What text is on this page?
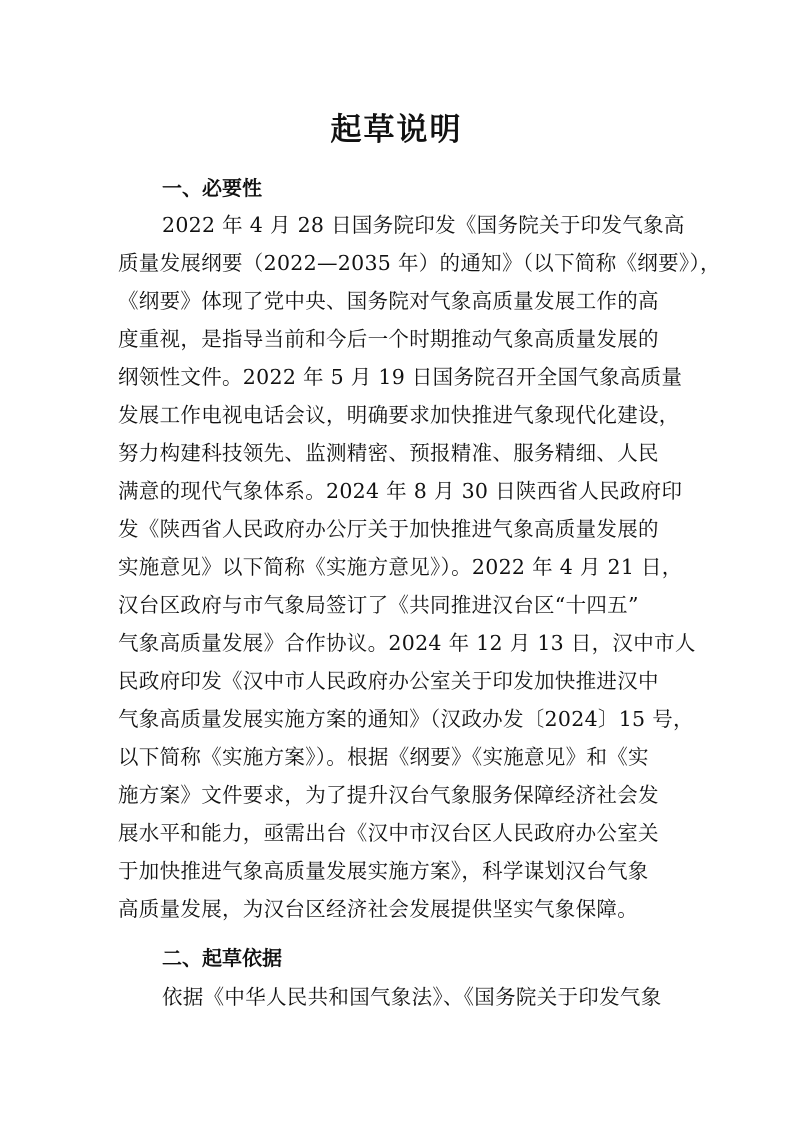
起草说明
一、必要性
2022 年 4 月 28 日国务院印发《国务院关于印发气象高
质量发展纲要（2022—2035 年）的通知》（以下简称《纲要》），
《纲要》体现了党中央、国务院对气象高质量发展工作的高
度重视，是指导当前和今后一个时期推动气象高质量发展的
纲领性文件。2022 年 5 月 19 日国务院召开全国气象高质量
发展工作电视电话会议，明确要求加快推进气象现代化建设，
努力构建科技领先、监测精密、预报精准、服务精细、人民
满意的现代气象体系。2024 年 8 月 30 日陕西省人民政府印
发《陕西省人民政府办公厅关于加快推进气象高质量发展的
实施意见》以下简称《实施方意见》）。2022 年 4 月 21 日，
汉台区政府与市气象局签订了《共同推进汉台区“十四五”
气象高质量发展》合作协议。2024 年 12 月 13 日，汉中市人
民政府印发《汉中市人民政府办公室关于印发加快推进汉中
气象高质量发展实施方案的通知》（汉政办发〔2024〕15 号，
以下简称《实施方案》）。根据《纲要》《实施意见》和《实
施方案》文件要求，为了提升汉台气象服务保障经济社会发
展水平和能力，亟需出台《汉中市汉台区人民政府办公室关
于加快推进气象高质量发展实施方案》，科学谋划汉台气象
高质量发展，为汉台区经济社会发展提供坚实气象保障。
二、起草依据
依据《中华人民共和国气象法》、《国务院关于印发气象
